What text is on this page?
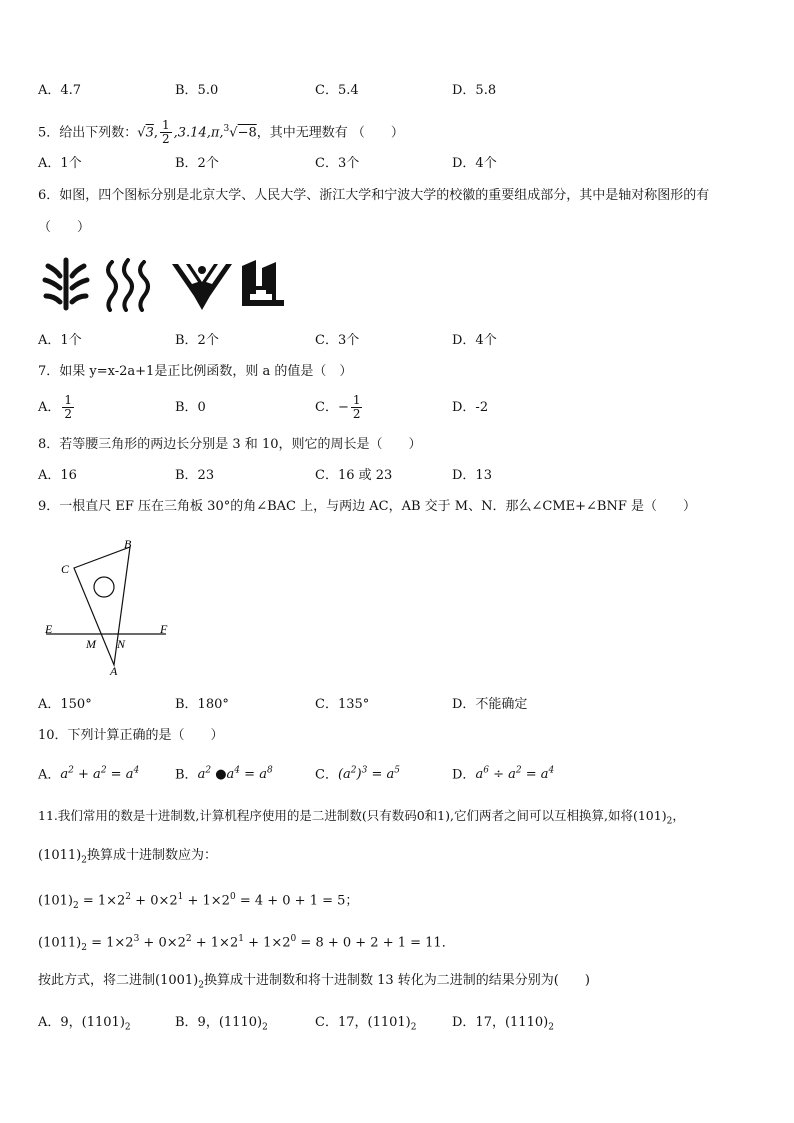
A．4.7	B．5.0	C．5.4	D．5.8
5．给出下列数：√3, $\frac{1}{2} ,3.14,\pi,^3√-8$，其中无理数有 （　　）
A．1个	B．2个	C．3个	D．4个
6．如图，四个图标分别是北京大学、人民大学、浙江大学和宁波大学的校徽的重要组成部分，其中是轴对称图形的有
（　　）
A．1个	B．2个	C．3个	D．4个
7．如果 y=x-2a+1是正比例函数，则 a 的值是（　）
A． $\frac{1}{2}$	B．0	C．− $\frac{1}{2}$	D．-2
8．若等腰三角形的两边长分别是 3 和 10，则它的周长是（　　）
A．16	B．23	C．16 或 23	D．13
9．一根直尺 EF 压在三角板 30°的角∠BAC 上，与两边 AC，AB 交于 M、N．那么∠CME+∠BNF 是（　　）
B
C
E	F
M N
A
A．150°	B．180°	C．135°	D．不能确定
10．下列计算正确的是（　　）
A．$a^2 + a^2 = a^4$	B．$a^2$ $●a^4 = a^8$	C．$(a^2)^3 = a^5$	D．$a^6 \div a^2 = a^4$
11.我们常用的数是十进制数,计算机程序使用的是二进制数(只有数码0和1),它们两者之间可以互相换算,如将$(101)_2$，
$(1011)_2$换算成十进制数应为：
$(101)_2 = 1\times 2^2 + 0\times 2^1 + 1\times 2^0 = 4 + 0 + 1 = 5$；
$(1011)_2 = 1\times 2^3 + 0\times 2^2 + 1\times 2^1 + 1\times 2^0 = 8 + 0 + 2 + 1 = 11$．
按此方式，将二进制$(1001)_2$换算成十进制数和将十进制数 13 转化为二进制的结果分别为(　　)
A．9，$(1101)_2$	B．9，$(1110)_2$	C．17，$(1101)_2$	D．17，$(1110)_2$
